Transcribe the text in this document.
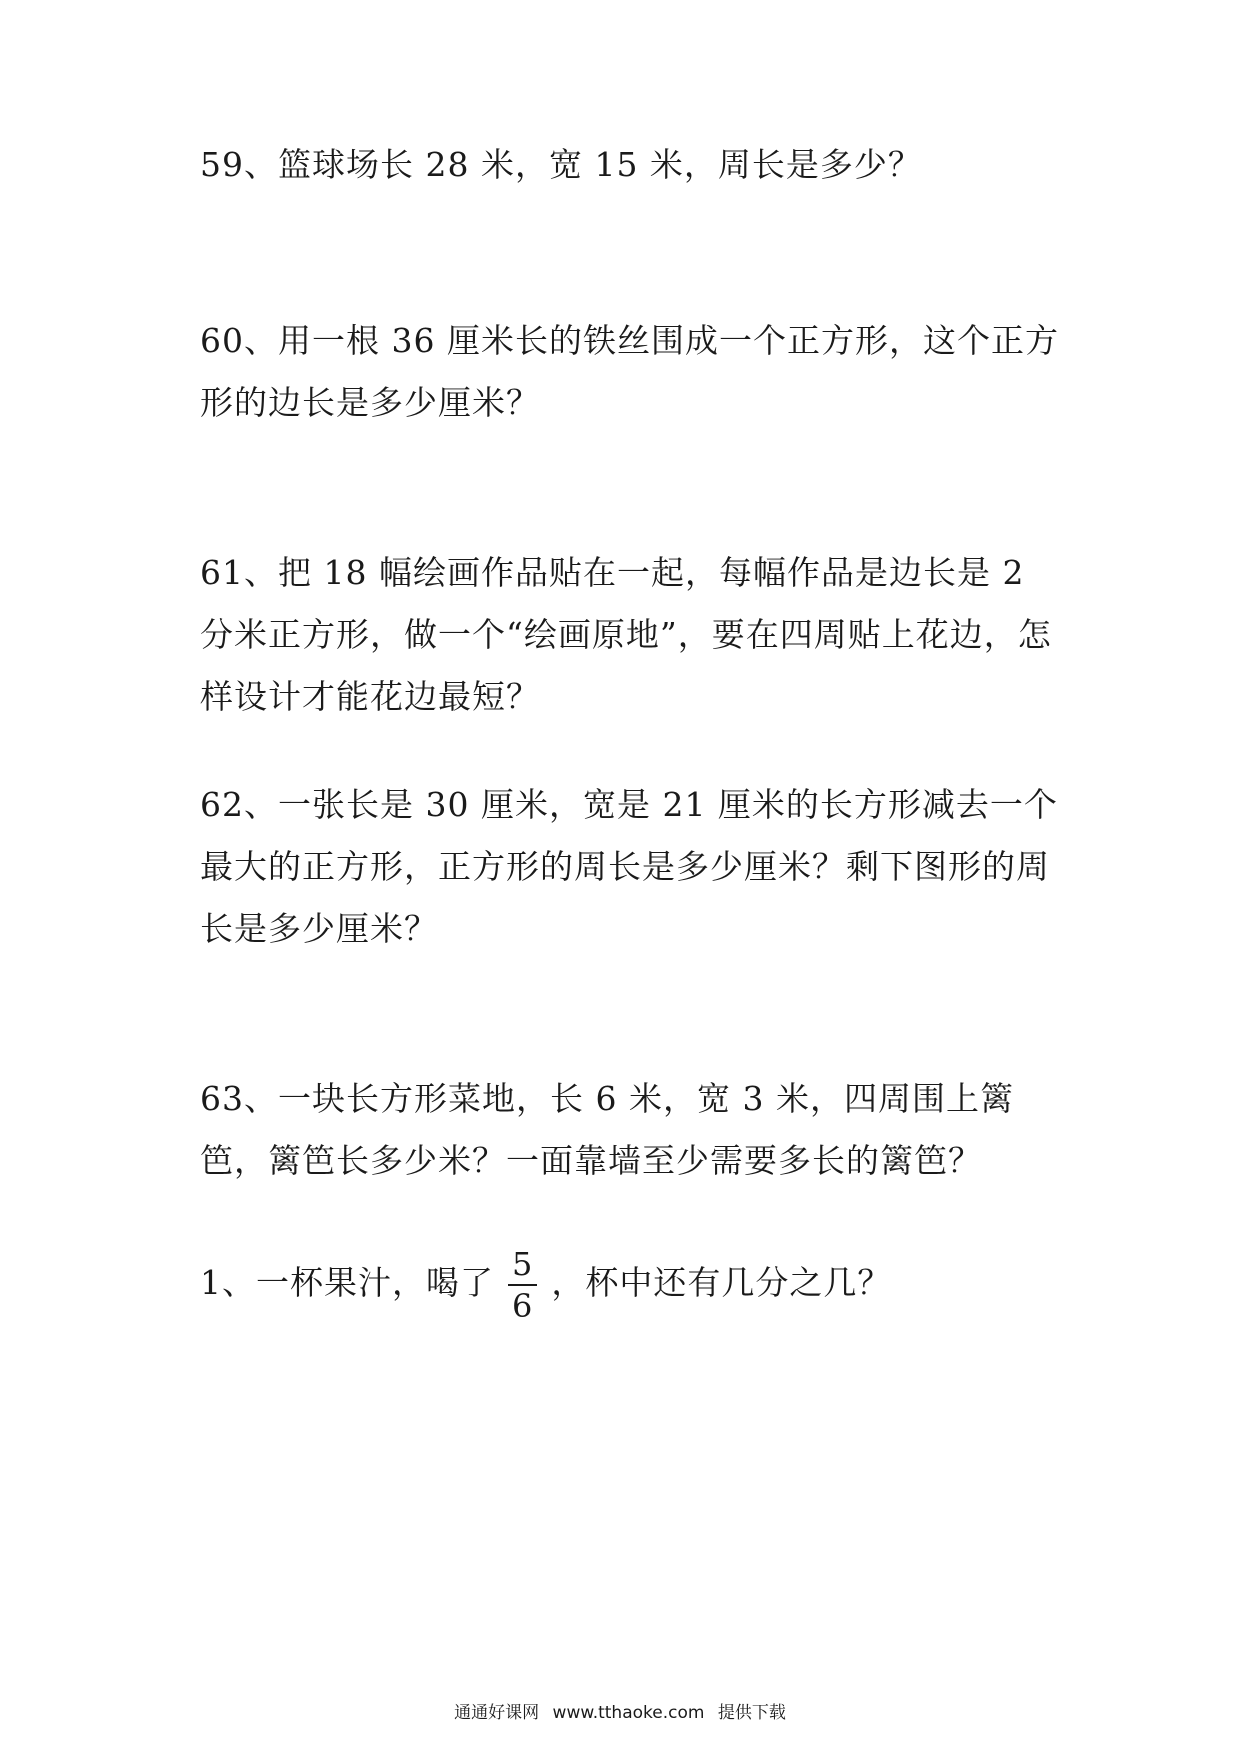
59、篮球场长 28 米，宽 15 米，周长是多少？

60、用一根 36 厘米长的铁丝围成一个正方形，这个正方形的边长是多少厘米？

61、把 18 幅绘画作品贴在一起，每幅作品是边长是 2 分米正方形，做一个“绘画原地”，要在四周贴上花边，怎样设计才能花边最短？

62、一张长是 30 厘米，宽是 21 厘米的长方形减去一个最大的正方形，正方形的周长是多少厘米？剩下图形的周长是多少厘米？

63、一块长方形菜地，长 6 米，宽 3 米，四周围上篱笆，篱笆长多少米？一面靠墙至少需要多长的篱笆？

1、一杯果汁，喝了 $\frac{5}{6}$ ，杯中还有几分之几？

通通好课网 www.tthaoke.com 提供下载
